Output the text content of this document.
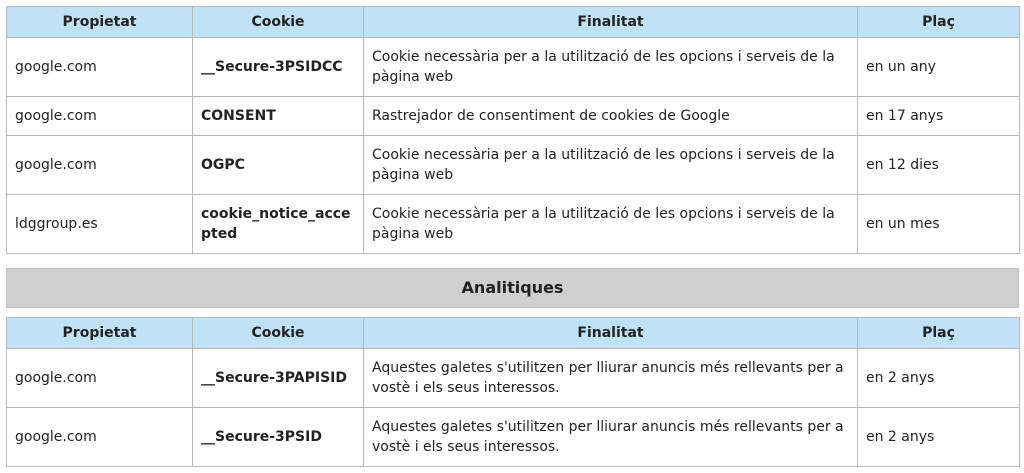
Propietat	Cookie	Finalitat	Plaç
google.com	__Secure-3PSIDCC	Cookie necessària per a la utilització de les opcions i serveis de la pàgina web	en un any
google.com	CONSENT	Rastrejador de consentiment de cookies de Google	en 17 anys
google.com	OGPC	Cookie necessària per a la utilització de les opcions i serveis de la pàgina web	en 12 dies
ldggroup.es	cookie_notice_accepted	Cookie necessària per a la utilització de les opcions i serveis de la pàgina web	en un mes
Analitiques
Propietat	Cookie	Finalitat	Plaç
google.com	__Secure-3PAPISID	Aquestes galetes s'utilitzen per lliurar anuncis més rellevants per a vostè i els seus interessos.	en 2 anys
google.com	__Secure-3PSID	Aquestes galetes s'utilitzen per lliurar anuncis més rellevants per a vostè i els seus interessos.	en 2 anys
